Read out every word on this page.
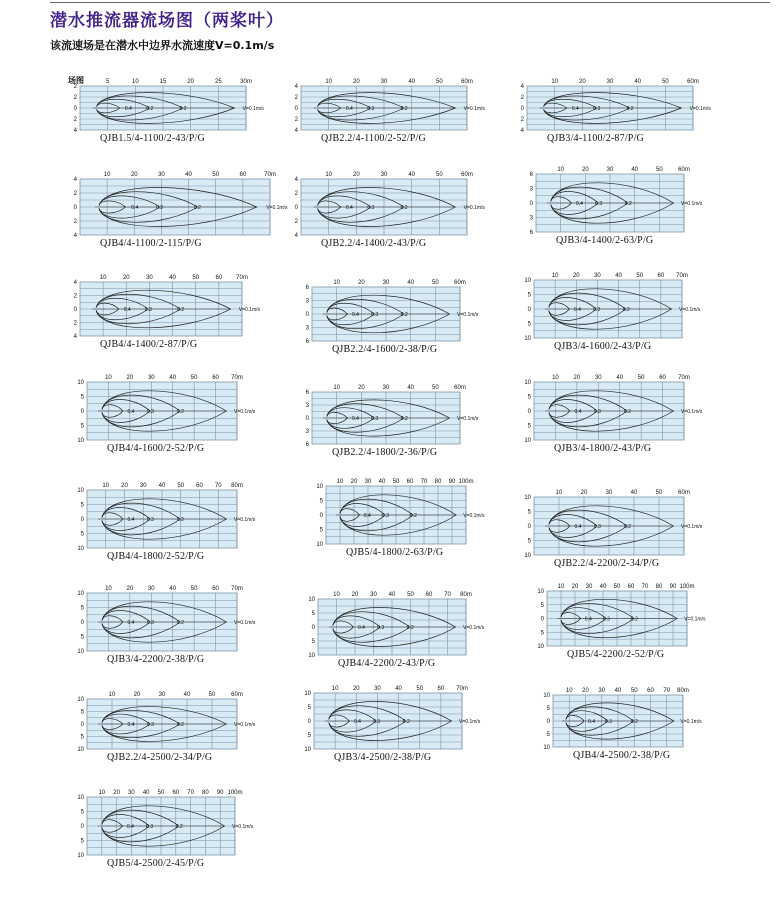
潜水推流器流场图（两桨叶）
该流速场是在潜水中边界水流速度V=0.1m/s
5	10	15	20	25	30m
2
2
0
2
4
场图
0.4	0.2	0.2	V=0.1m/s
QJB1.5/4-1100/2-43/P/G
10	20	30	40	50	60m
4
2
0
2
4
0.4	0.3	0.2	V=0.1m/s
QJB2.2/4-1100/2-52/P/G
10	20	30	40	50	60m
4
2
0
2
4
0.4	0.3	0.2	V=0.1m/s
QJB3/4-1100/2-87/P/G
10	20	30	40	50	60	70m
4
2
0
2
4
0.4	0.3	0.2	V=0.1m/s
QJB4/4-1100/2-115/P/G
10	20	30	40	50	60m
4
2
0
2
4
0.4	0.3	0.2	V=0.1m/s
QJB2.2/4-1400/2-43/P/G
10	20	30	40	50	60m
6
3
0
3
6
0.4 0.3	0.2	V=0.1m/s
QJB3/4-1400/2-63/P/G
10	20	30	40	50	60 70m
4
2
0
2
4
0.4	0.3	0.2	V=0.1m/s
QJB4/4-1400/2-87/P/G
10	20	30	40	50	60m
6
3
0
3
6
0.4 0.3	0.2	V=0.1m/s
QJB2.2/4-1600/2-38/P/G
10 20 30 40 50 60 70m
10
5
0
5
10
0.4 0.3	0.2	V=0.1m/s
QJB3/4-1600/2-43/P/G
10 20 30 40 50 60 70m
10
5
0
5
10
0.4	0.3	0.2	V=0.1m/s
QJB4/4-1600/2-52/P/G
10	20	30	40	50	60m
6
3
0
3
6
0.4 0.3	0.2	V=0.1m/s
QJB2.2/4-1800/2-36/P/G
10 20 30 40 50 60 70m
10
5
0
5
10
0.4	0.3	0.2	V=0.1m/s
QJB3/4-1800/2-43/P/G
10 20 30 40 50 60 70 80m
10
5
0
5
10
0.4	0.3	0.2	V=0.1m/s
QJB4/4-1800/2-52/P/G
10 20 30 40 50 60 70 80 90 100m
10
5
0
5
10
0.4 0.3	0.2	V=0.1m/s
QJB5/4-1800/2-63/P/G
10	20	30	40	50	60m
10
5
0
5
10
0.4	0.3	0.2	V=0.1m/s
QJB2.2/4-2200/2-34/P/G
10 20 30 40 50 60 70m
10
5
0
5
10
0.4	0.3	0.2	V=0.1m/s
QJB3/4-2200/2-38/P/G
10 20 30 40 50 60 70 80m
10
5
0
5
10
0.4 0.3	0.2	V=0.1m/s
QJB4/4-2200/2-43/P/G
10 20 30 40 50 60 70 80 90 100m
10
5
0
5
10
0.4 0.3	0.2	V=0.1m/s
QJB5/4-2200/2-52/P/G
10	20	30	40	50	60m
10
5
0
5
10
0.4	0.3	0.2	V=0.1m/s
QJB2.2/4-2500/2-34/P/G
10 20 30 40 50 60 70m
10
5
0
5
10
0.4 0.3	0.2	V=0.1m/s
QJB3/4-2500/2-38/P/G
10 20 30 40 50 60 70 80m
10
5
0
5
10
0.4 0.3	0.2	V=0.1m/s
QJB4/4-2500/2-38/P/G
10 20 30 40 50 60 70 80 90 100m
10
5
0
5
10
0.4 0.3	0.2	V=0.1m/s
QJB5/4-2500/2-45/P/G
